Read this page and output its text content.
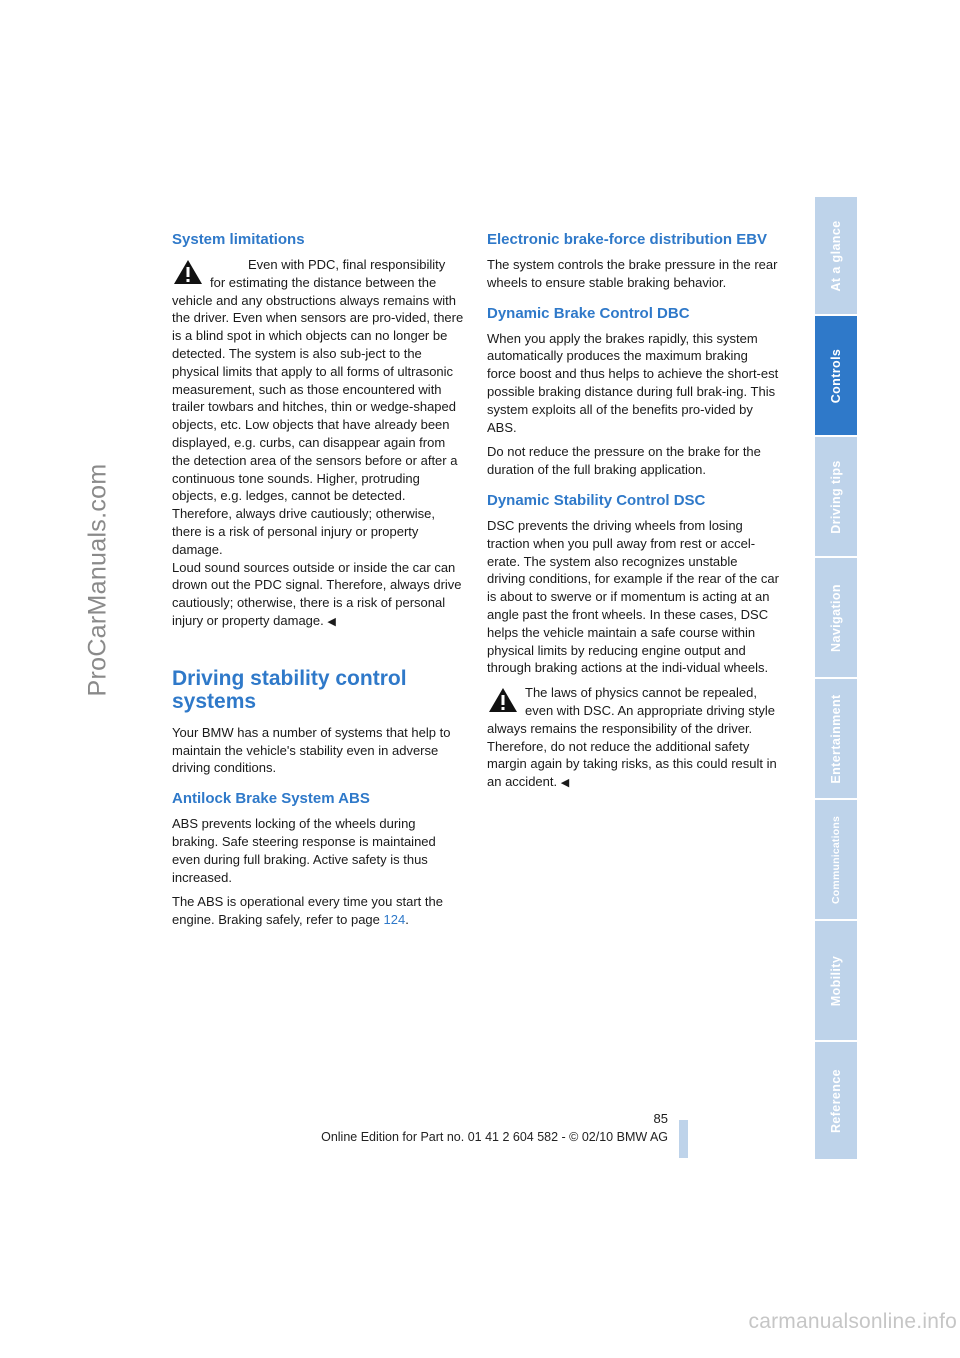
ProCarManuals.com
System limitations
Even with PDC, final responsibility for estimating the distance between the vehicle and any obstructions always remains with the driver. Even when sensors are pro-vided, there is a blind spot in which objects can no longer be detected. The system is also sub-ject to the physical limits that apply to all forms of ultrasonic measurement, such as those encountered with trailer towbars and hitches, thin or wedge-shaped objects, etc. Low objects that have already been displayed, e.g. curbs, can disappear again from the detection area of the sensors before or after a continuous tone sounds. Higher, protruding objects, e.g. ledges, cannot be detected. Therefore, always drive cautiously; otherwise, there is a risk of personal injury or property damage.
Loud sound sources outside or inside the car can drown out the PDC signal. Therefore, always drive cautiously; otherwise, there is a risk of personal injury or property damage. ◀
Driving stability control systems

Your BMW has a number of systems that help to maintain the vehicle's stability even in adverse driving conditions.

Antilock Brake System ABS

ABS prevents locking of the wheels during braking. Safe steering response is maintained even during full braking. Active safety is thus increased.

The ABS is operational every time you start the engine. Braking safely, refer to page 124.

Electronic brake-force distribution EBV

The system controls the brake pressure in the rear wheels to ensure stable braking behavior.

Dynamic Brake Control DBC

When you apply the brakes rapidly, this system automatically produces the maximum braking force boost and thus helps to achieve the short-est possible braking distance during full brak-ing. This system exploits all of the benefits pro-vided by ABS.

Do not reduce the pressure on the brake for the duration of the full braking application.

Dynamic Stability Control DSC

DSC prevents the driving wheels from losing traction when you pull away from rest or accel-erate. The system also recognizes unstable driving conditions, for example if the rear of the car is about to swerve or if momentum is acting at an angle past the front wheels. In these cases, DSC helps the vehicle maintain a safe course within physical limits by reducing engine output and through braking actions at the indi-vidual wheels.

The laws of physics cannot be repealed, even with DSC. An appropriate driving style always remains the responsibility of the driver. Therefore, do not reduce the additional safety margin again by taking risks, as this could result in an accident. ◀
At a glance
Controls
Driving tips
Navigation
Entertainment
Communications
Mobility
Reference
85
Online Edition for Part no. 01 41 2 604 582 - © 02/10 BMW AG
carmanualsonline.info
